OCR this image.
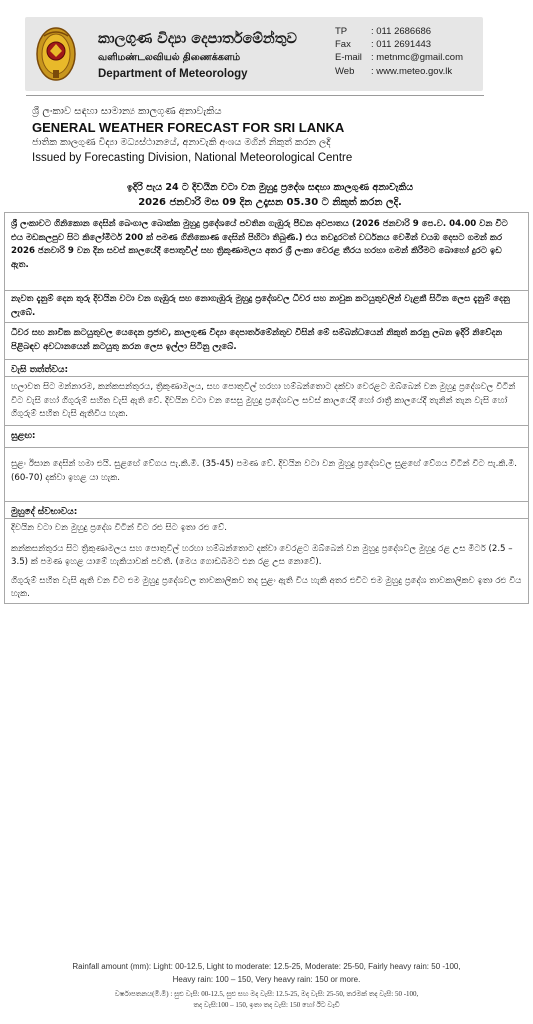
කාලගුණ විද්‍යා දෙපාර්තමේන්තුව
வளிமண்டலவியல் திணைக்களம்
Department of Meteorology
TP	: 011 2686686
Fax : 011 2691443
E-mail : metnmc@gmail.com
Web : www.meteo.gov.lk
ශ්‍රී ලංකාව සඳහා සාමාන්‍ය කාලගුණ අනාවැකිය
GENERAL WEATHER FORECAST FOR SRI LANKA
ජාතික කාලගුණ විද්‍යා මධ්‍යස්ථානයේ, අනාවැකි අංශය මගින් නිකුත් කරන ලදි
Issued by Forecasting Division, National Meteorological Centre
ඉදිරි පැය 24 ට දිවයින වටා වන මුහුදු ප්‍රදේශ සඳහා කාලගුණ අනාවැකිය
2026 ජනවාරි මස 09 දින උදෑසන 05.30 ට නිකුත් කරන ලදි.
ශ්‍රී ලංකාවට ගිනිකොන දෙසින් බෙංගාල බොක්ක මුහුදු ප්‍රදේශයේ පවතින ගැඹුරු පීඩන අවපාතය (2026 ජනවාරි 9 පෙ.ව. 04.00 වන විට එය මඩකලපුව සිට කිලෝමීටර් 200 ක් පමණ ගිනිකොණ දෙසින් පිහිටා තිබුණි.) එය තවදුරටත් වර්ධනය වෙමින් වයඹ දෙසට ගමන් කර 2026 ජනවාරි 9 වන දින සවස් කාලයේදී පොතුවිල් සහ ත්‍රිකුණාමලය අතර ශ්‍රී ලංකා වෙරළ තීරය හරහා ගමන් කිරීමට බොහෝ දුරට ඉඩ ඇත.
නැවත දැනුම් දෙන තුරු දිවයින වටා වන ගැඹුරු සහ නොගැඹුරු මුහුදු ප්‍රදේශවල ධීවර සහ නාවුක කටයුතුවලින් වැළකී සිටින ලෙස දැනුම් දෙනු ලැබේ.
ධීවර සහ නාවික කටයුතුවල යෙදෙන ප්‍රජාව, කාලගුණ විද්‍යා දෙපාර්තමේන්තුව විසින් මේ සම්බන්ධයෙන් නිකුත් කරනු ලබන ඉදිරි නිවේදන පිළිබඳව අවධානයෙන් කටයුතු කරන ලෙස ඉල්ලා සිටිනු ලැබේ.
වැසි තත්ත්වය:
හලාවත සිට මන්නාරම, කන්කසන්තුරය, ත්‍රිකුණාමලය, සහ පොතුවිල් හරහා හම්බන්තොට දක්වා වෙරළට ඔබ්බෙන් වන මුහුදු ප්‍රදේශවල විටින් විට වැසි හෝ ගිගුරුම් සහිත වැසි ඇති වේ. දිවයින වටා වන සෙසු මුහුදු ප්‍රදේශවල සවස් කාලයේදී හෝ රාත්‍රී කාලයේදී තැනින් තැන වැසි හෝ ගිගුරුම් සහිත වැසි ඇතිවිය හැක.
සුළඟ:
සුළං ඊසාන දෙසින් හමා එයි. සුළඟේ වේගය පැ.කි.මී. (35-45) පමණ වේ. දිවයින වටා වන මුහුදු ප්‍රදේශවල සුළඟේ වේගය විටින් විට පැ.කි.මී. (60-70) දක්වා ඉහළ යා හැක.
මුහුදේ ස්වභාවය:
දිවයින වටා වන මුහුදු ප්‍රදේශ විටින් විට රළු සිට ඉතා රළු වේ.
කන්කසන්තුරය සිට ත්‍රිකුණාමලය සහ පොතුවිල් හරහා හම්බන්තොට දක්වා වෙරළට ඔබ්බෙන් වන මුහුදු ප්‍රදේශවල මුහුදු රළ උස මීටර් (2.5 – 3.5) ක් පමණ ඉහළ යාමේ හැකියාවක් පවතී. (මෙය ගොඩබිමට එන රළ උස නොවේ).
ගිගුරුම් සහිත වැසි ඇති වන විට එම මුහුදු ප්‍රදේශවල තාවකාලිකව තද සුළං ඇති විය හැකි අතර එවිට එම මුහුදු ප්‍රදේශ තාවකාලිකව ඉතා රළු විය හැක.
Rainfall amount (mm): Light: 00-12.5, Light to moderate: 12.5-25, Moderate: 25-50, Fairly heavy rain: 50 -100,
Heavy rain: 100 – 150, Very heavy rain: 150 or more.
වර්ෂාපතනය(මි.මී) : සුළු වැසි: 00-12.5, සුළු සහ මද වැසි: 12.5-25, මද වැසි: 25-50, තරමක් තද වැසි: 50 -100,
තද වැසි:100 – 150, ඉතා තද වැසි: 150 හෝ ඊට වැඩි
